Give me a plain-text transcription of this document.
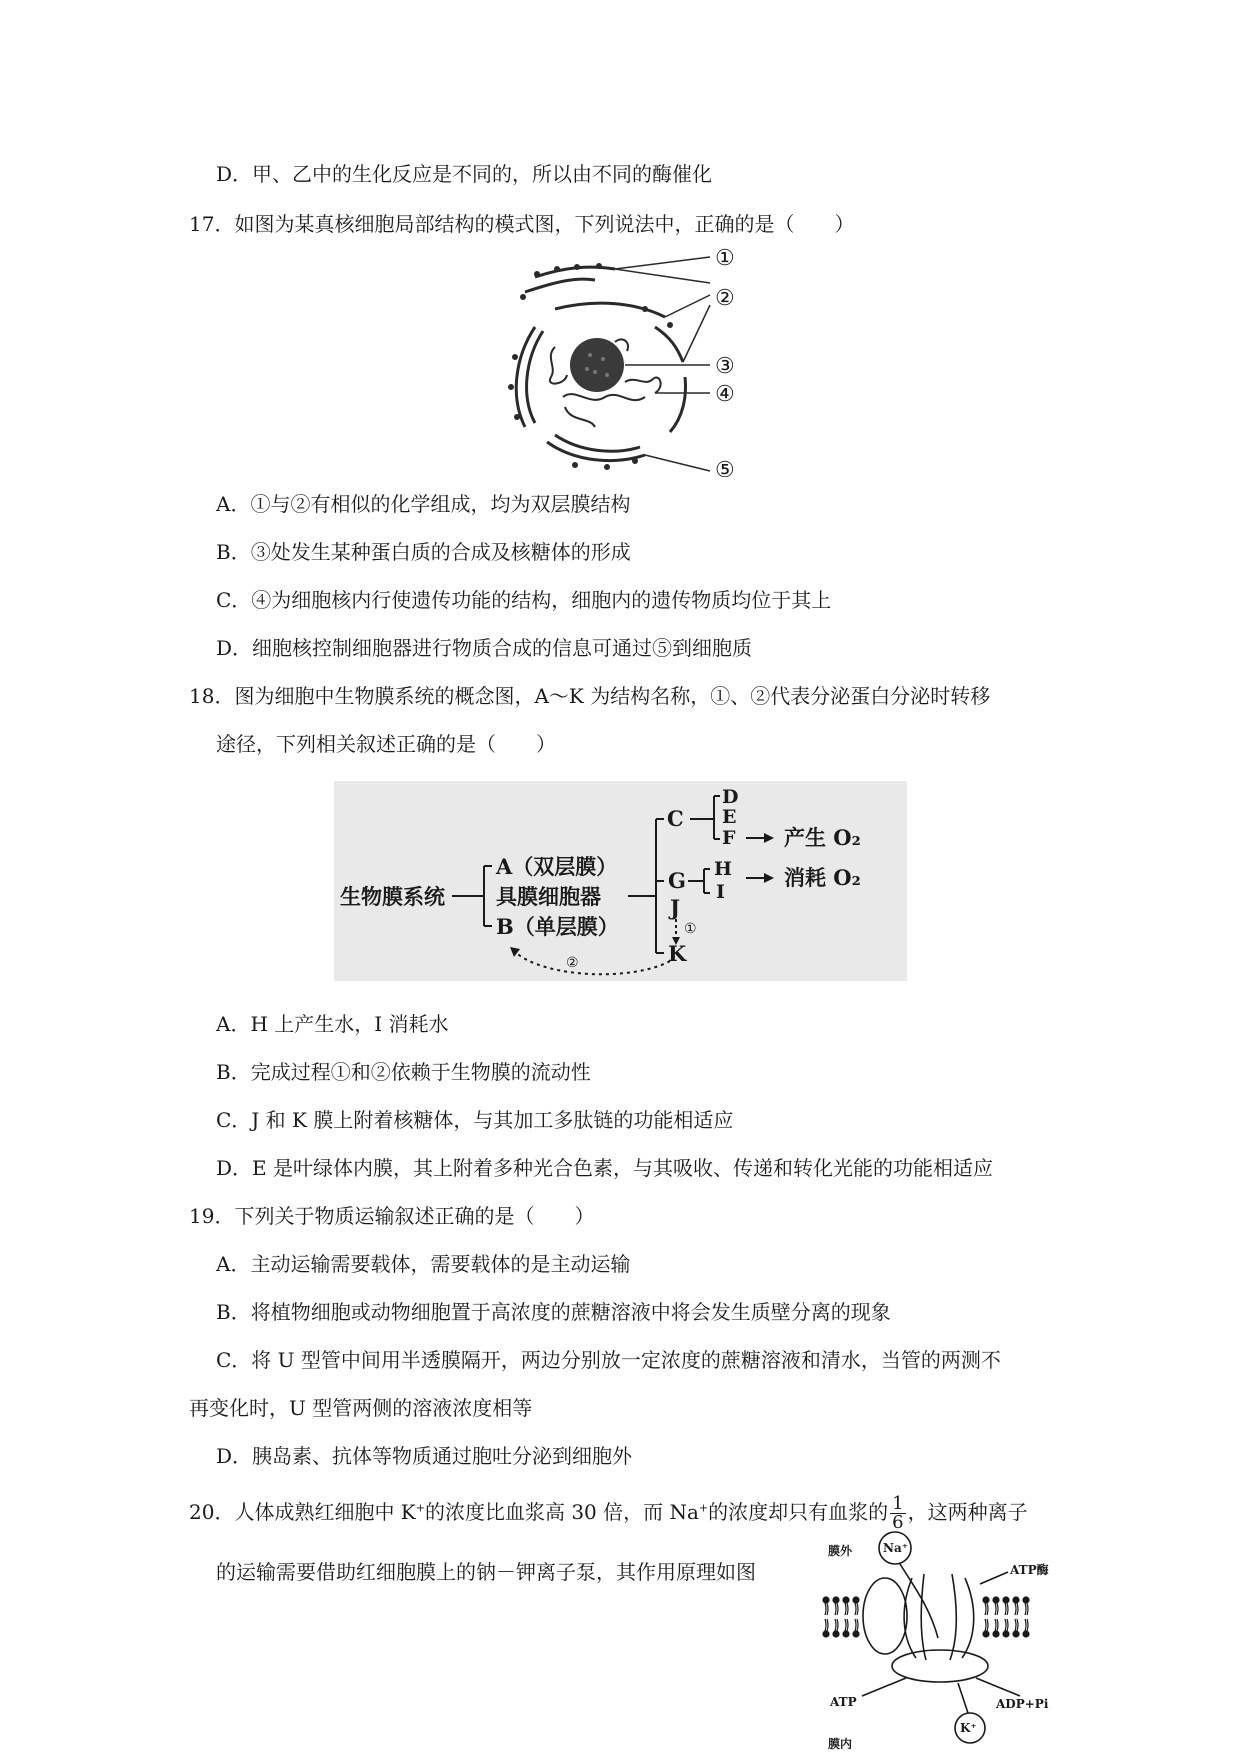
D．甲、乙中的生化反应是不同的，所以由不同的酶催化
17．如图为某真核细胞局部结构的模式图，下列说法中，正确的是（　　）
①
②
③
④
⑤
A．①与②有相似的化学组成，均为双层膜结构
B．③处发生某种蛋白质的合成及核糖体的形成
C．④为细胞核内行使遗传功能的结构，细胞内的遗传物质均位于其上
D．细胞核控制细胞器进行物质合成的信息可通过⑤到细胞质
18．图为细胞中生物膜系统的概念图，A～K 为结构名称，①、②代表分泌蛋白分泌时转移
途径，下列相关叙述正确的是（　　）
生物膜系统
A（双层膜）
具膜细胞器
B（单层膜）
C
D
E
F 产生 O₂
G H
I
消耗 O₂
J
K
①
②
A．H 上产生水，I 消耗水
B．完成过程①和②依赖于生物膜的流动性
C．J 和 K 膜上附着核糖体，与其加工多肽链的功能相适应
D．E 是叶绿体内膜，其上附着多种光合色素，与其吸收、传递和转化光能的功能相适应
19．下列关于物质运输叙述正确的是（　　）
A．主动运输需要载体，需要载体的是主动运输
B．将植物细胞或动物细胞置于高浓度的蔗糖溶液中将会发生质壁分离的现象
C．将 U 型管中间用半透膜隔开，两边分别放一定浓度的蔗糖溶液和清水，当管的两测不
再变化时，U 型管两侧的溶液浓度相等
D．胰岛素、抗体等物质通过胞吐分泌到细胞外
20．人体成熟红细胞中 K+的浓度比血浆高 30 倍，而 Na+的浓度却只有血浆的 $\frac{1}{6}$ ，这两种离子
的运输需要借助红细胞膜上的钠－钾离子泵，其作用原理如图
膜外	Na⁺
ATP酶
ATP	ADP+Pi
K⁺
膜内
